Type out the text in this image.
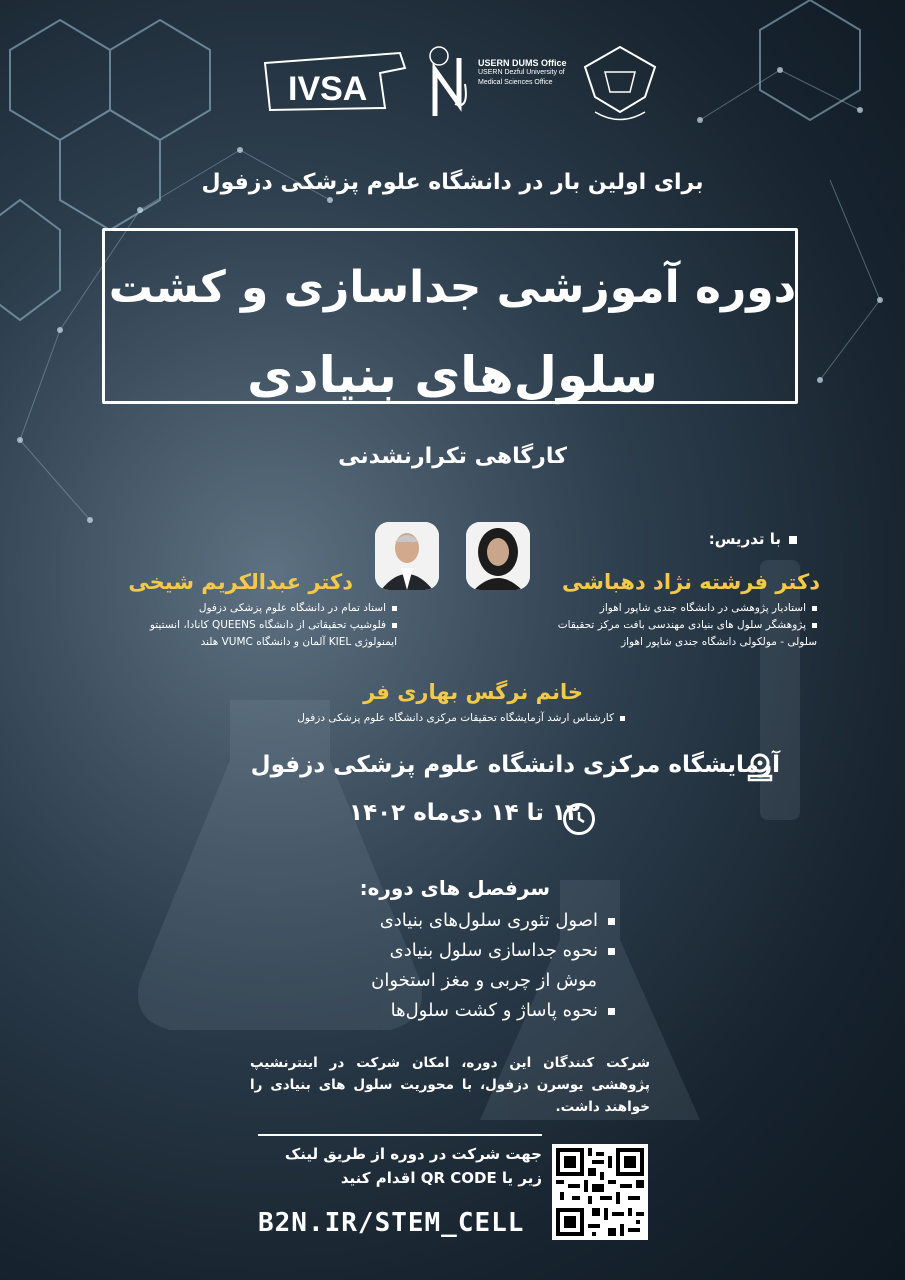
IVSA
USERN DUMS Office
USERN Dezful University of Medical Sciences Office
برای اولین بار در دانشگاه علوم پزشکی دزفول
دوره آموزشی جداسازی و کشت
سلول‌های بنیادی
کارگاهی تکرارنشدنی
با تدریس:
دکتر فرشته نژاد دهباشی

استادیار پژوهشی در دانشگاه جندی شاپور اهواز

پژوهشگر سلول های بنیادی مهندسی بافت مرکز تحقیقات

سلولی - مولکولی دانشگاه جندی شاپور اهواز

دکتر عبدالکریم شیخی

استاد تمام در دانشگاه علوم پزشکی دزفول

فلوشیپ تحقیقاتی از دانشگاه QUEENS کانادا، انستیتو

ایمنولوژی KIEL آلمان و دانشگاه VUMC هلند

خانم نرگس بهاری فر

کارشناس ارشد آزمایشگاه تحقیقات مرکزی دانشگاه علوم پزشکی دزفول

آزمایشگاه مرکزی دانشگاه علوم پزشکی دزفول
۱۲ تا ۱۴ دی‌ماه ۱۴۰۲
سرفصل های دوره:

اصول تئوری سلول‌های بنیادی

نحوه جداسازی سلول بنیادی

موش از چربی و مغز استخوان

نحوه پاساژ و کشت سلول‌ها

شرکت کنندگان این دوره، امکان شرکت در اینترنشیپ پژوهشی یوسرن دزفول، با محوریت سلول های بنیادی را خواهند داشت.
جهت شرکت در دوره از طریق لینک
زیر یا QR CODE اقدام کنید
B2N.IR/STEM_CELL
